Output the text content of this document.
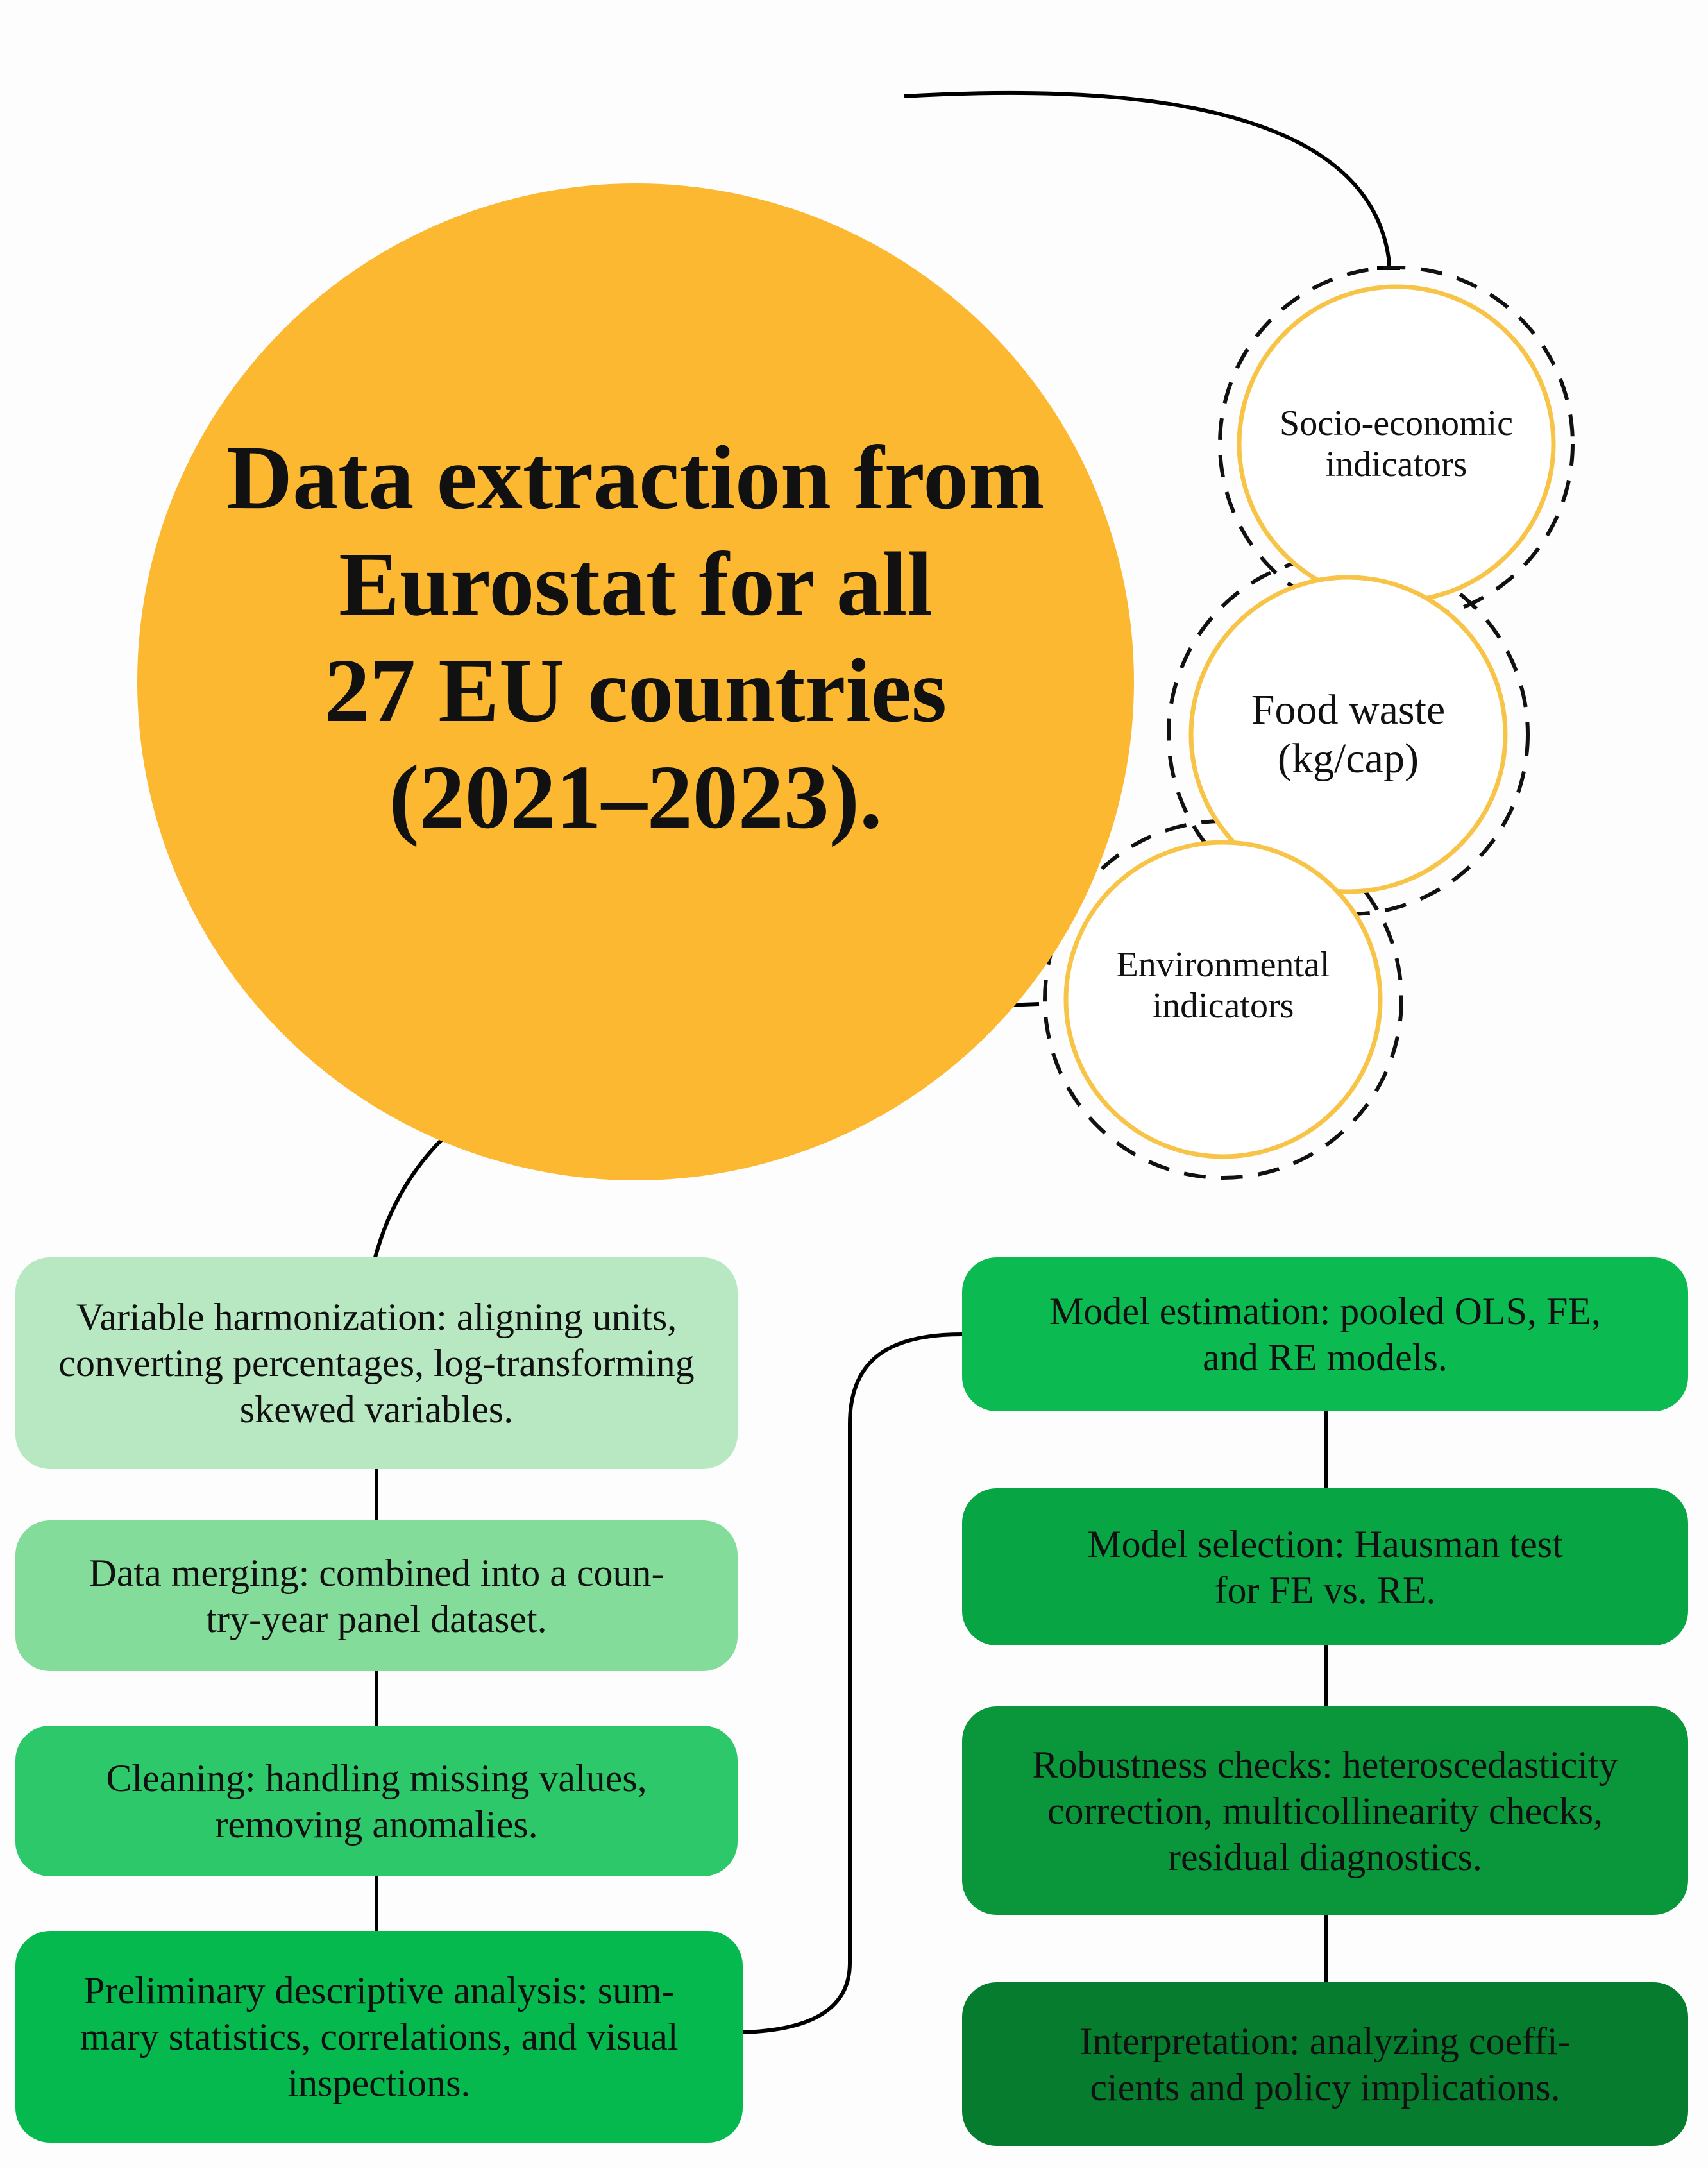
Data extraction from
Eurostat for all
27 EU countries
(2021–2023).

Socio-economic
indicators
Food waste
(kg/cap)
Environmental
indicators
Variable harmonization: aligning units,
converting percentages, log-transforming
skewed variables.
Data merging: combined into a coun-
try-year panel dataset.
Cleaning: handling missing values,
removing anomalies.
Preliminary descriptive analysis: sum-
mary statistics, correlations, and visual
inspections.
Model estimation: pooled OLS, FE,
and RE models.
Model selection: Hausman test
for FE vs. RE.
Robustness checks: heteroscedasticity
correction, multicollinearity checks,
residual diagnostics.
Interpretation: analyzing coeffi-
cients and policy implications.
